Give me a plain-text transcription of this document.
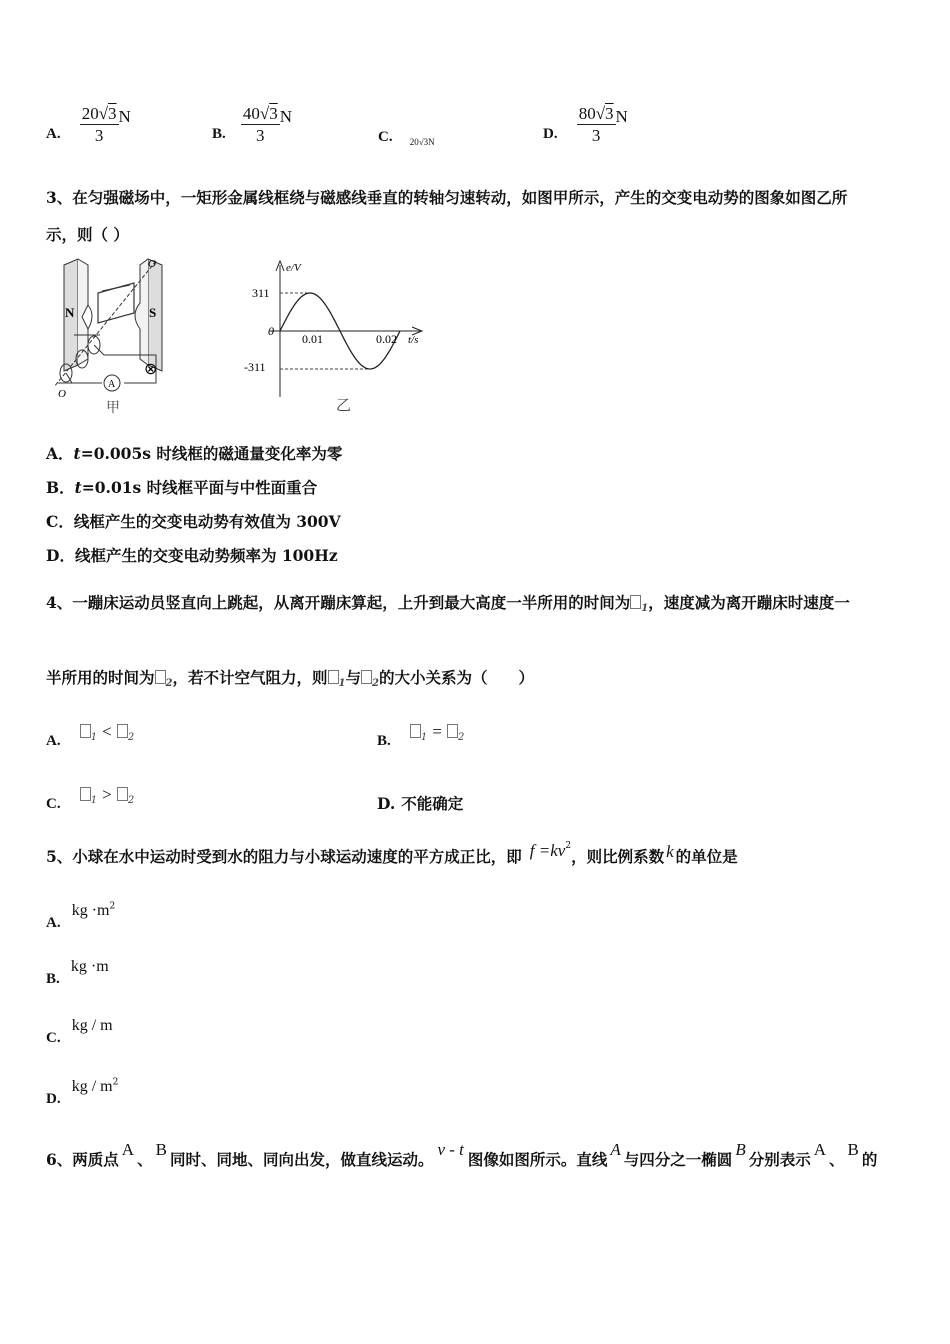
A. $\frac{20√3}{3}$ N
B. $\frac{40√3}{3}$ N
C. $_{20√3N}$	D. $\frac{80√3}{3}$ N
3、在匀强磁场中，一矩形金属线框绕与磁感线垂直的转轴匀速转动，如图甲所示，产生的交变电动势的图象如图乙所
示，则（ ）
N	S
O
O
A
⊗
甲
e/V
t/s
0
311
-311
0.01	0.02
乙
A．t=0.005s 时线框的磁通量变化率为零
B．t=0.01s 时线框平面与中性面重合
C．线框产生的交变电动势有效值为 300V
D．线框产生的交变电动势频率为 100Hz
4、一蹦床运动员竖直向上跳起，从离开蹦床算起，上升到最大高度一半所用的时间为 $_1$，速度减为离开蹦床时速度一
半所用的时间为 $_2$，若不计空气阻力，则 $_1$与 $_2$的大小关系为（　　）
A.	$_1$ < $_2$	B.	$_1$ = $_2$
C.	$_1$ > $_2$	D. 不能确定
5、小球在水中运动时受到水的阻力与小球运动速度的平方成正比，即 $f =kv^2$，则比例系数 k 的单位是
A. kg $\cdot m^2$
B. kg ·m
C. kg / m
D. kg / $m^2$
6、两质点A、B同时、同地、同向出发，做直线运动。v - t图像如图所示。直线A与四分之一椭圆B分别表示A、B的
